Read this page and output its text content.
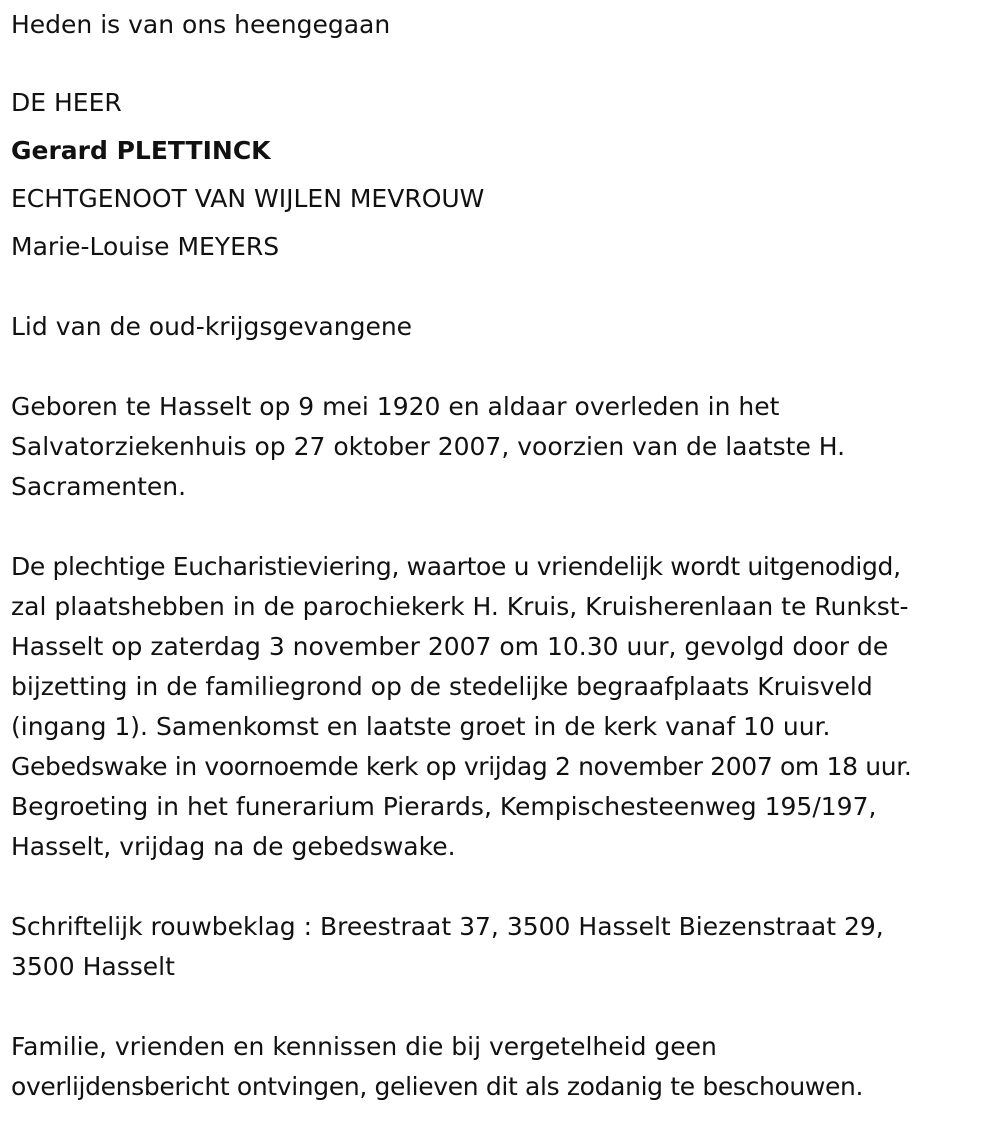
Heden is van ons heengegaan

DE HEER

Gerard PLETTINCK

ECHTGENOOT VAN WIJLEN MEVROUW

Marie-Louise MEYERS

Lid van de oud-krijgsgevangene

Geboren te Hasselt op 9 mei 1920 en aldaar overleden in het

Salvatorziekenhuis op 27 oktober 2007, voorzien van de laatste H.

Sacramenten.

De plechtige Eucharistieviering, waartoe u vriendelijk wordt uitgenodigd,

zal plaatshebben in de parochiekerk H. Kruis, Kruisherenlaan te Runkst-

Hasselt op zaterdag 3 november 2007 om 10.30 uur, gevolgd door de

bijzetting in de familiegrond op de stedelijke begraafplaats Kruisveld

(ingang 1). Samenkomst en laatste groet in de kerk vanaf 10 uur.

Gebedswake in voornoemde kerk op vrijdag 2 november 2007 om 18 uur.

Begroeting in het funerarium Pierards, Kempischesteenweg 195/197,

Hasselt, vrijdag na de gebedswake.

Schriftelijk rouwbeklag : Breestraat 37, 3500 Hasselt Biezenstraat 29,

3500 Hasselt

Familie, vrienden en kennissen die bij vergetelheid geen

overlijdensbericht ontvingen, gelieven dit als zodanig te beschouwen.
